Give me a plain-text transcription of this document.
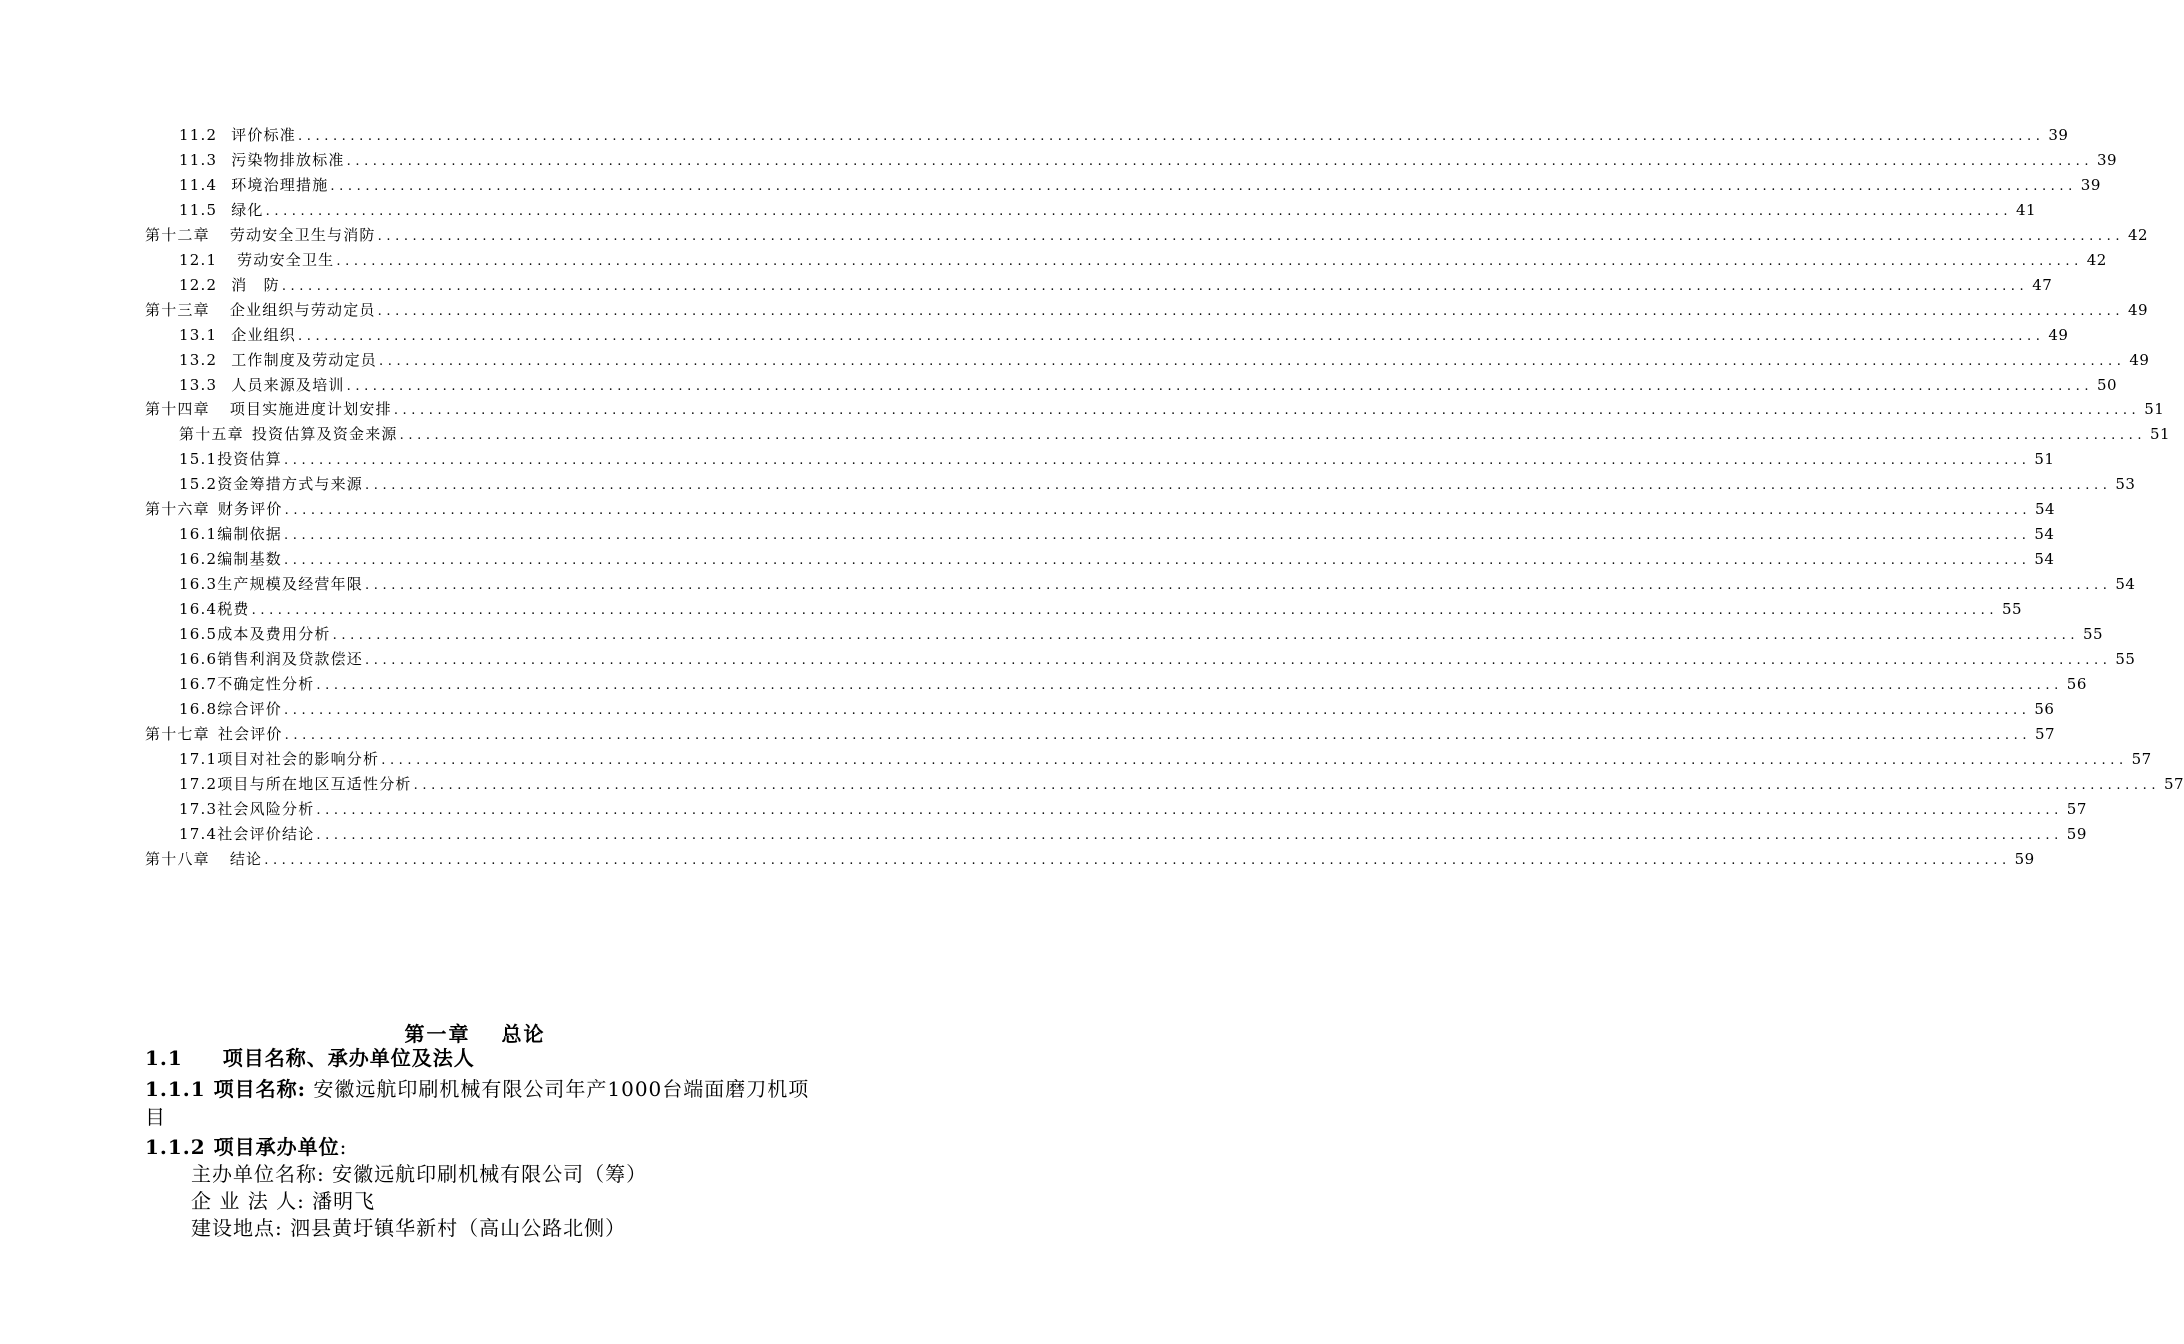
11.2 评价标准 ........................................................................................................................................................................................................ 39
11.3 污染物排放标准 ........................................................................................................................................................................................................ 39
11.4 环境治理措施 ........................................................................................................................................................................................................ 39
11.5 绿化 ........................................................................................................................................................................................................ 41
第十二章 劳动安全卫生与消防 ........................................................................................................................................................................................................ 42
12.1 劳动安全卫生 ........................................................................................................................................................................................................ 42
12.2 消　防 ........................................................................................................................................................................................................ 47
第十三章 企业组织与劳动定员 ........................................................................................................................................................................................................ 49
13.1 企业组织 ........................................................................................................................................................................................................ 49
13.2 工作制度及劳动定员 ........................................................................................................................................................................................................ 49
13.3 人员来源及培训 ........................................................................................................................................................................................................ 50
第十四章 项目实施进度计划安排 ........................................................................................................................................................................................................ 51
第十五章 投资估算及资金来源 ........................................................................................................................................................................................................ 51
15.1 投资估算 ........................................................................................................................................................................................................ 51
15.2 资金筹措方式与来源 ........................................................................................................................................................................................................ 53
第十六章 财务评价 ........................................................................................................................................................................................................ 54
16.1 编制依据 ........................................................................................................................................................................................................ 54
16.2 编制基数 ........................................................................................................................................................................................................ 54
16.3 生产规模及经营年限 ........................................................................................................................................................................................................ 54
16.4 税费 ........................................................................................................................................................................................................ 55
16.5 成本及费用分析 ........................................................................................................................................................................................................ 55
16.6 销售利润及贷款偿还 ........................................................................................................................................................................................................ 55
16.7 不确定性分析 ........................................................................................................................................................................................................ 56
16.8 综合评价 ........................................................................................................................................................................................................ 56
第十七章 社会评价 ........................................................................................................................................................................................................ 57
17.1 项目对社会的影响分析 ........................................................................................................................................................................................................ 57
17.2 项目与所在地区互适性分析 ........................................................................................................................................................................................................ 57
17.3 社会风险分析 ........................................................................................................................................................................................................ 57
17.4 社会评价结论 ........................................................................................................................................................................................................ 59
第十八章 结论 ........................................................................................................................................................................................................ 59
第一章　 总论
1.1 项目名称、承办单位及法人
1.1.1 项目名称: 安徽远航印刷机械有限公司年产1000台端面磨刀机项目
1.1.2 项目承办单位:
主办单位名称: 安徽远航印刷机械有限公司（筹）
企 业 法 人: 潘明飞
建设地点: 泗县黄圩镇华新村（高山公路北侧）
